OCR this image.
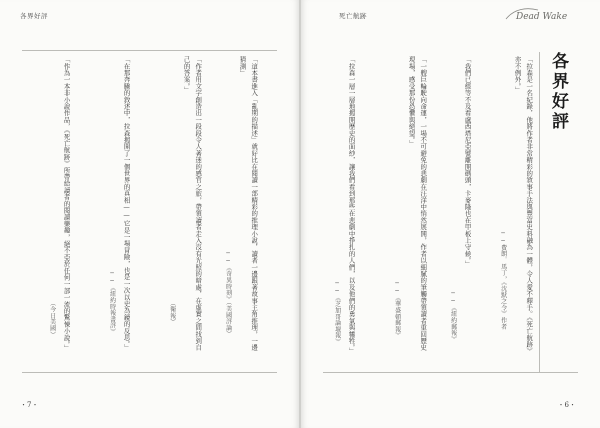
各界好評
「這本書進入「亂期的描述」就好比在閱讀一部精彩的推理小說，讀者一邊跟著故事主角推理，一邊猜測」
──《奇異時刻》（美國評論）
「作者用文字創造出一段段令人著迷的感官之旅，帶領讀者走入沒有光照的暗處，在虛實之間找到自己的答案。」
（衛報）
「在那奔騰的敘述中，拉森揭開了一個世界的真相——它是一場冒險，也是一次以史為鏡的反思。」
──《紐約時報書評》
「作為一本非小說作品，《死亡航跡》所帶給讀者的閱讀樂趣，絕不亞於任何一部一流的驚悚小說。」
（今日美國）
・7・
死亡航跡	Dead Wake
各界好評
「拉森是一名紀錄，他將作者非常精彩的敘事手法與豐富史料融為一體，令人愛不釋手。《死亡航跡》亦不例外。」
──費朗．馬丁，《沈默之令》作者
「我們已經等不及看盧西塔尼亞號離開碼頭，卡麥隆也在甲板上守候。」
──《紐約郵報》
「一艘巨輪駛向命運，一場不可避免的悲劇在汪洋中悄然展開，作者以細膩的筆觸帶領讀者重回歷史現場，感受那份恐懼與絕望。」
──《華盛頓郵報》
「拉森一層一層地揭開歷史的面紗，讓我們看到那些在悲劇中掙扎的人們，以及他們的勇氣與犧牲。」
──《芝加哥論壇報》
・6・
